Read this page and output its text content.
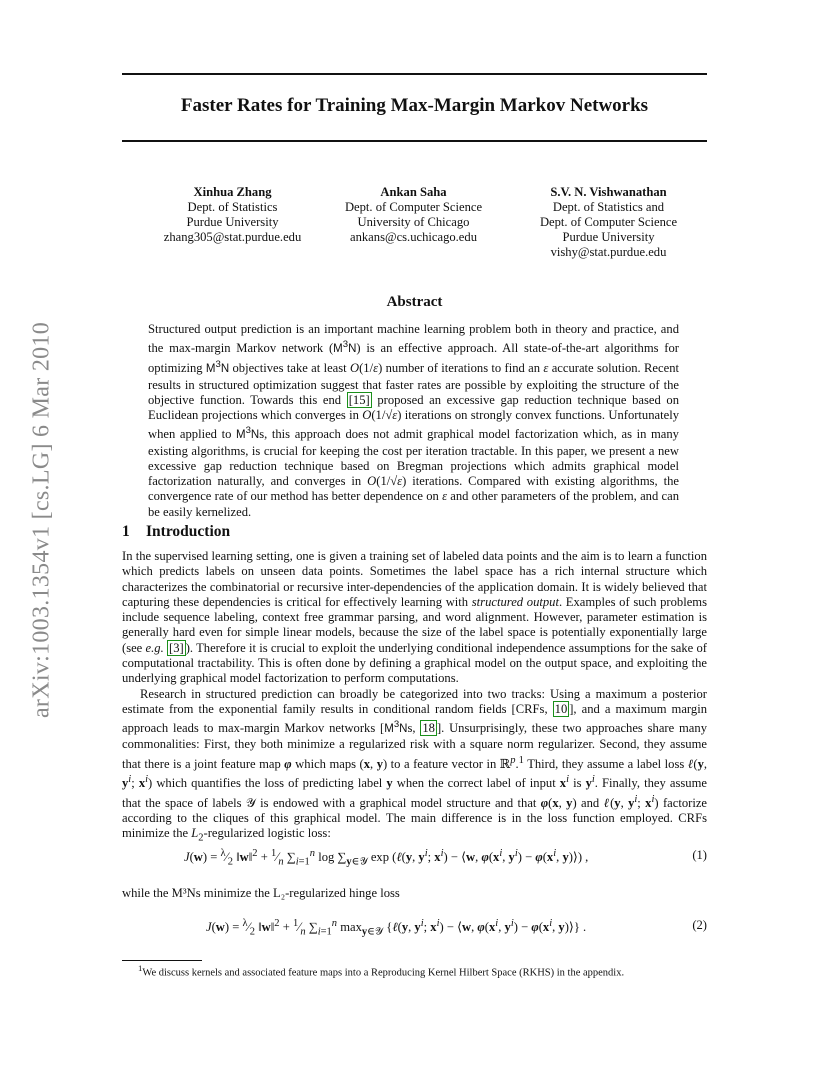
Faster Rates for Training Max-Margin Markov Networks
arXiv:1003.1354v1 [cs.LG] 6 Mar 2010
Xinhua Zhang
Dept. of Statistics
Purdue University
zhang305@stat.purdue.edu
Ankan Saha
Dept. of Computer Science
University of Chicago
ankans@cs.uchicago.edu
S.V. N. Vishwanathan
Dept. of Statistics and
Dept. of Computer Science
Purdue University
vishy@stat.purdue.edu
Abstract
Structured output prediction is an important machine learning problem both in theory and practice, and the max-margin Markov network $(M^3N)$ is an effective approach. All state-of-the-art algorithms for optimizing $M^3N$ objectives take at least O(1/ε) number of iterations to find an ε accurate solution. Recent results in structured optimization suggest that faster rates are possible by exploiting the structure of the objective function. Towards this end [15] proposed an excessive gap reduction technique based on Euclidean projections which converges in O(1/√ε) iterations on strongly convex functions. Unfortunately when applied to $M^3Ns$, this approach does not admit graphical model factorization which, as in many existing algorithms, is crucial for keeping the cost per iteration tractable. In this paper, we present a new excessive gap reduction technique based on Bregman projections which admits graphical model factorization naturally, and converges in O(1/√ε) iterations. Compared with existing algorithms, the convergence rate of our method has better dependence on ε and other parameters of the problem, and can be easily kernelized.
1 Introduction

In the supervised learning setting, one is given a training set of labeled data points and the aim is to learn a function which predicts labels on unseen data points. Sometimes the label space has a rich internal structure which characterizes the combinatorial or recursive inter-dependencies of the application domain. It is widely believed that capturing these dependencies is critical for effectively learning with structured output. Examples of such problems include sequence labeling, context free grammar parsing, and word alignment. However, parameter estimation is generally hard even for simple linear models, because the size of the label space is potentially exponentially large (see e.g. [3] ). Therefore it is crucial to exploit the underlying conditional independence assumptions for the sake of computational tractability. This is often done by defining a graphical model on the output space, and exploiting the underlying graphical model factorization to perform computations.

Research in structured prediction can broadly be categorized into two tracks: Using a maximum a posterior estimate from the exponential family results in conditional random fields [CRFs, 10 ], and a maximum margin approach leads to max-margin Markov networks [$M^3Ns$, 18 ]. Unsurprisingly, these two approaches share many commonalities: First, they both minimize a regularized risk with a square norm regularizer. Second, they assume that there is a joint feature map φ which maps (x, y) to a feature vector in ℝ$^p$.$^1$ Third, they assume a label loss ℓ(y, $y^i$; $x^i$) which quantifies the loss of predicting label y when the correct label of input $x^i$ is $y^i$. Finally, they assume that the space of labels 𝒴 is endowed with a graphical model structure and that φ(x, y) and ℓ(y, $y^i$; $x^i$) factorize according to the cliques of this graphical model. The main difference is in the loss function employed. CRFs minimize the $L_2$-regularized logistic loss:

$J(w) = ^\lambda⁄_2$ ‖w‖$^2$ + $^1⁄_n$ $\sum_{i=1}^n$ $\log \sum_{y\in 𝒴}$ exp (ℓ(y, $y^i$; $x^i$) − ⟨w, $\varphi(x^i$, $y^i) - \varphi(x^i$, y)⟩) ,	(1)
while the M³Ns minimize the L₂-regularized hinge loss
$J(w) = ^\lambda⁄_2$ ‖w‖$^2$ + $^1⁄_n$ $\sum_{i=1}^n$ $\max_{y\in 𝒴}$ {ℓ(y, $y^i$; $x^i$) − ⟨w, $\varphi(x^i$, $y^i) - \varphi(x^i$, y)⟩} .	(2)
$^1$We discuss kernels and associated feature maps into a Reproducing Kernel Hilbert Space (RKHS) in the appendix.
